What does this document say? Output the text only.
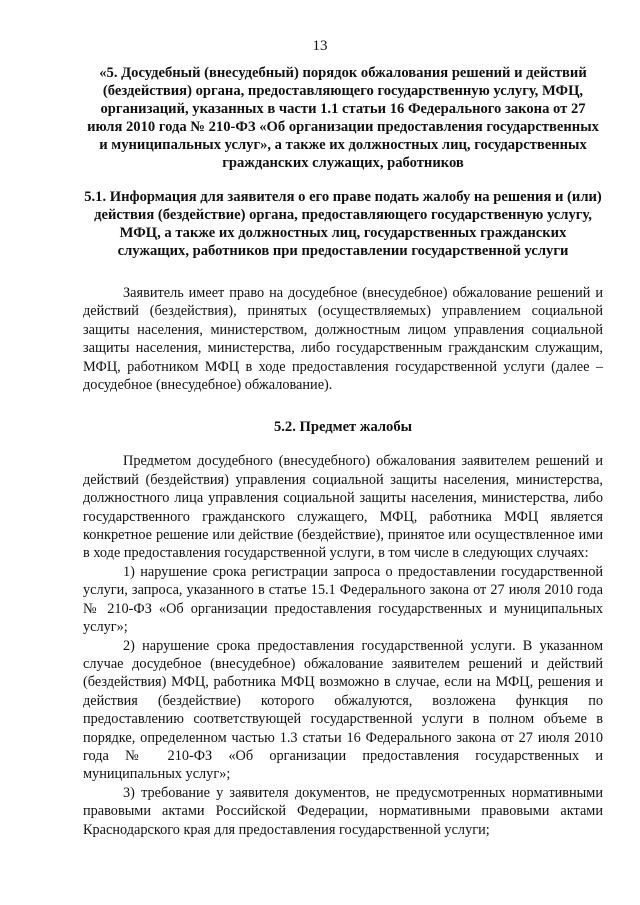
13

«5. Досудебный (внесудебный) порядок обжалования решений и действий (бездействия) органа, предоставляющего государственную услугу, МФЦ, организаций, указанных в части 1.1 статьи 16 Федерального закона от 27 июля 2010 года № 210-ФЗ «Об организации предоставления государственных и муниципальных услуг», а также их должностных лиц, государственных гражданских служащих, работников

5.1. Информация для заявителя о его праве подать жалобу на решения и (или) действия (бездействие) органа, предоставляющего государственную услугу, МФЦ, а также их должностных лиц, государственных гражданских служащих, работников при предоставлении государственной услуги

Заявитель имеет право на досудебное (внесудебное) обжалование решений и действий (бездействия), принятых (осуществляемых) управлением социальной защиты населения, министерством, должностным лицом управления социальной защиты населения, министерства, либо государственным гражданским служащим, МФЦ, работником МФЦ в ходе предоставления государственной услуги (далее – досудебное (внесудебное) обжалование).

5.2. Предмет жалобы

Предметом досудебного (внесудебного) обжалования заявителем решений и действий (бездействия) управления социальной защиты населения, министерства, должностного лица управления социальной защиты населения, министерства, либо государственного гражданского служащего, МФЦ, работника МФЦ является конкретное решение или действие (бездействие), принятое или осуществленное ими в ходе предоставления государственной услуги, в том числе в следующих случаях:

1) нарушение срока регистрации запроса о предоставлении государственной услуги, запроса, указанного в статье 15.1 Федерального закона от 27 июля 2010 года № 210-ФЗ «Об организации предоставления государственных и муниципальных услуг»;

2) нарушение срока предоставления государственной услуги. В указанном случае досудебное (внесудебное) обжалование заявителем решений и действий (бездействия) МФЦ, работника МФЦ возможно в случае, если на МФЦ, решения и действия (бездействие) которого обжалуются, возложена функция по предоставлению соответствующей государственной услуги в полном объеме в порядке, определенном частью 1.3 статьи 16 Федерального закона от 27 июля 2010 года № 210-ФЗ «Об организации предоставления государственных и муниципальных услуг»;

3) требование у заявителя документов, не предусмотренных нормативными правовыми актами Российской Федерации, нормативными правовыми актами Краснодарского края для предоставления государственной услуги;
